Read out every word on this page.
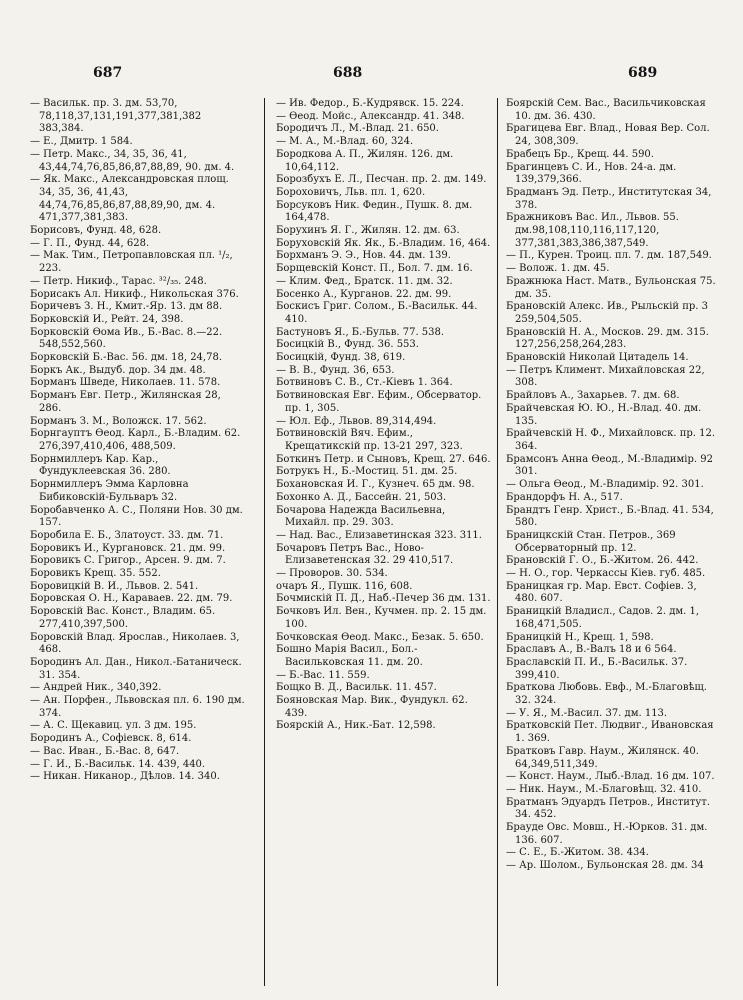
687	688	689

— Васильк. пр. 3. дм. 53,70, 78,118,37,131,191,377,381,382 383,384.

— Е., Дмитр. 1 584.

— Петр. Макс., 34, 35, 36, 41, 43,44,74,76,85,86,87,88,89, 90. дм. 4.

— Як. Макс., Александровская площ. 34, 35, 36, 41,43, 44,74,76,85,86,87,88,89,90, дм. 4. 471,377,381,383.

Борисовъ, Фунд. 48, 628.

— Г. П., Фунд. 44, 628.

— Мак. Тим., Петропавловская пл. ¹/₂, 223.

— Петр. Никиф., Тарас. ³²/₃₅. 248.

Борисакъ Ал. Никиф., Никольская 376.

Боричевъ З. Н., Кмит.-Яр. 13. дм 88.

Борковскій И., Рейт. 24, 398.

Борковскій Ѳома Ив., Б.-Вас. 8.—22. 548,552,560.

Борковскій Б.-Вас. 56. дм. 18, 24,78.

Боркъ Ак., Выдуб. дор. 34 дм. 48.

Борманъ Шведе, Николаев. 11. 578.

Борманъ Евг. Петр., Жилянская 28, 286.

Борманъ З. М., Воложск. 17. 562.

Борнгауптъ Ѳеод. Карл., Б.-Владим. 62. 276,397,410,406, 488,509.

Борнмиллеръ Кар. Кар., Фундуклеевская 36. 280.

Борнмиллеръ Эмма Карловна Бибиковскій-Бульваръ 32.

Боробавченко А. С., Поляни Нов. 30 дм. 157.

Боробила Е. Б., Златоуст. 33. дм. 71.

Боровикъ И., Кургановск. 21. дм. 99.

Боровикъ С. Григор., Арсен. 9. дм. 7.

Боровикъ Крещ. 35. 552.

Боровицкій В. И., Львов. 2. 541.

Боровская О. Н., Караваев. 22. дм. 79.

Боровскій Вас. Конст., Владим. 65. 277,410,397,500.

Боровскій Влад. Ярослав., Николаев. 3, 468.

Бородинъ Ал. Дан., Никол.-Батаническ. 31. 354.

— Андрей Ник., 340,392.

— Ан. Порфен., Львовская пл. 6. 190 дм. 374.

— А. С. Щекавиц. ул. 3 дм. 195.

Бородинъ А., Софіевск. 8, 614.

— Вас. Иван., Б.-Вас. 8, 647.

— Г. И., Б.-Васильк. 14. 439, 440.

— Никан. Никанор., Дѣлов. 14. 340.

— Ив. Федор., Б.-Кудрявск. 15. 224.

— Ѳеод. Мойс., Александр. 41. 348.

Бородичъ Л., М.-Влад. 21. 650.

— М. А., М.-Влад. 60, 324.

Бородкова А. П., Жилян. 126. дм. 10,64,112.

Борозбухъ Е. Л., Песчан. пр. 2. дм. 149.

Бороховичъ, Льв. пл. 1, 620.

Борсуковъ Ник. Федин., Пушк. 8. дм. 164,478.

Борухинъ Я. Г., Жилян. 12. дм. 63.

Боруховскій Як. Як., Б.-Владим. 16, 464.

Борхманъ Э. Э., Нов. 44. дм. 139.

Борщевскій Конст. П., Бол. 7. дм. 16.

— Клим. Фед., Братск. 11. дм. 32.

Босенко А., Курганов. 22. дм. 99.

Боскисъ Григ. Солом., Б.-Васильк. 44. 410.

Бастуновъ Я., Б.-Бульв. 77. 538.

Босицкій В., Фунд. 36. 553.

Босицкій, Фунд. 38, 619.

— В. В., Фунд. 36, 653.

Ботвиновъ С. В., Ст.-Кіевъ 1. 364.

Ботвиновская Евг. Ефим., Обсерватор. пр. 1, 305.

— Юл. Еф., Львов. 89,314,494.

Ботвиновскій Вяч. Ефим., Крещатикскій пр. 13-21 297, 323.

Боткинъ Петр. и Сыновъ, Крещ. 27. 646.

Ботрукъ Н., Б.-Мостиц. 51. дм. 25.

Бохановская И. Г., Кузнеч. 65 дм. 98.

Бохонко А. Д., Бассейн. 21, 503.

Бочарова Надежда Васильевна, Михайл. пр. 29. 303.

— Над. Вас., Елизаветинская 323. 311.

Бочаровъ Петръ Вас., Ново-Елизаветенская 32. 29 410,517.

— Проворов. 30. 534.

очаръ Я., Пушк. 116, 608.

Бочмискій П. Д., Наб.-Печер 36 дм. 131.

Бочковъ Ил. Вен., Кучмен. пр. 2. 15 дм. 100.

Бочковская Ѳеод. Макс., Безак. 5. 650.

Бошно Марія Васил., Бол.-Васильковская 11. дм. 20.

— Б.-Вас. 11. 559.

Бощко В. Д., Васильк. 11. 457.

Бояновская Мар. Вик., Фундукл. 62. 439.

Боярскій А., Ник.-Бат. 12,598.

Боярскій Сем. Вас., Васильчиковская 10. дм. 36. 430.

Брагицева Евг. Влад., Новая Вер. Сол. 24, 308,309.

Брабецъ Бр., Крещ. 44. 590.

Брагинцевъ С. И., Нов. 24-а. дм. 139,379,366.

Брадманъ Эд. Петр., Институтская 34, 378.

Бражниковъ Вас. Ил., Львов. 55. дм.98,108,110,116,117,120, 377,381,383,386,387,549.

— П., Курен. Троиц. пл. 7. дм. 187,549.

— Волож. 1. дм. 45.

Бражнюка Наст. Матв., Бульонская 75. дм. 35.

Брановскій Алекс. Ив., Рыльскій пр. 3 259,504,505.

Брановскій Н. А., Москов. 29. дм. 315. 127,256,258,264,283.

Брановскій Николай Цитадель 14.

— Петръ Климент. Михайловская 22, 308.

Брайловъ А., Захарьев. 7. дм. 68.

Брайчевская Ю. Ю., Н.-Влад. 40. дм. 135.

Брайчевскій Н. Ф., Михайловск. пр. 12. 364.

Брамсонъ Анна Ѳеод., М.-Владимір. 92 301.

— Ольга Ѳеод., М.-Владимір. 92. 301.

Брандорфъ Н. А., 517.

Брандтъ Генр. Христ., Б.-Влад. 41. 534, 580.

Браницкскій Стан. Петров., 369 Обсерваторный пр. 12.

Брановскій Г. О., Б.-Житом. 26. 442.

— Н. О., гор. Черкассы Кіев. губ. 485.

Браницкая гр. Мар. Евст. Софіев. 3, 480. 607.

Браницкій Владисл., Садов. 2. дм. 1, 168,471,505.

Браницкій Н., Крещ. 1, 598.

Браславъ А., В.-Валъ 18 и 6 564.

Браславскій П. И., Б.-Васильк. 37. 399,410.

Браткова Любовь. Евф., М.-Благовѣщ. 32. 324.

— У. Я., М.-Васил. 37. дм. 113.

Братковскій Пет. Людвиг., Ивановская 1. 369.

Братковъ Гавр. Наум., Жилянск. 40. 64,349,511,349.

— Конст. Наум., Лыб.-Влад. 16 дм. 107.

— Ник. Наум., М.-Благовѣщ. 32. 410.

Братманъ Эдуардъ Петров., Институт. 34. 452.

Брауде Овс. Мовш., Н.-Юрков. 31. дм. 136. 607.

— С. Е., Б.-Житом. 38. 434.

— Ар. Шолом., Бульонская 28. дм. 34
